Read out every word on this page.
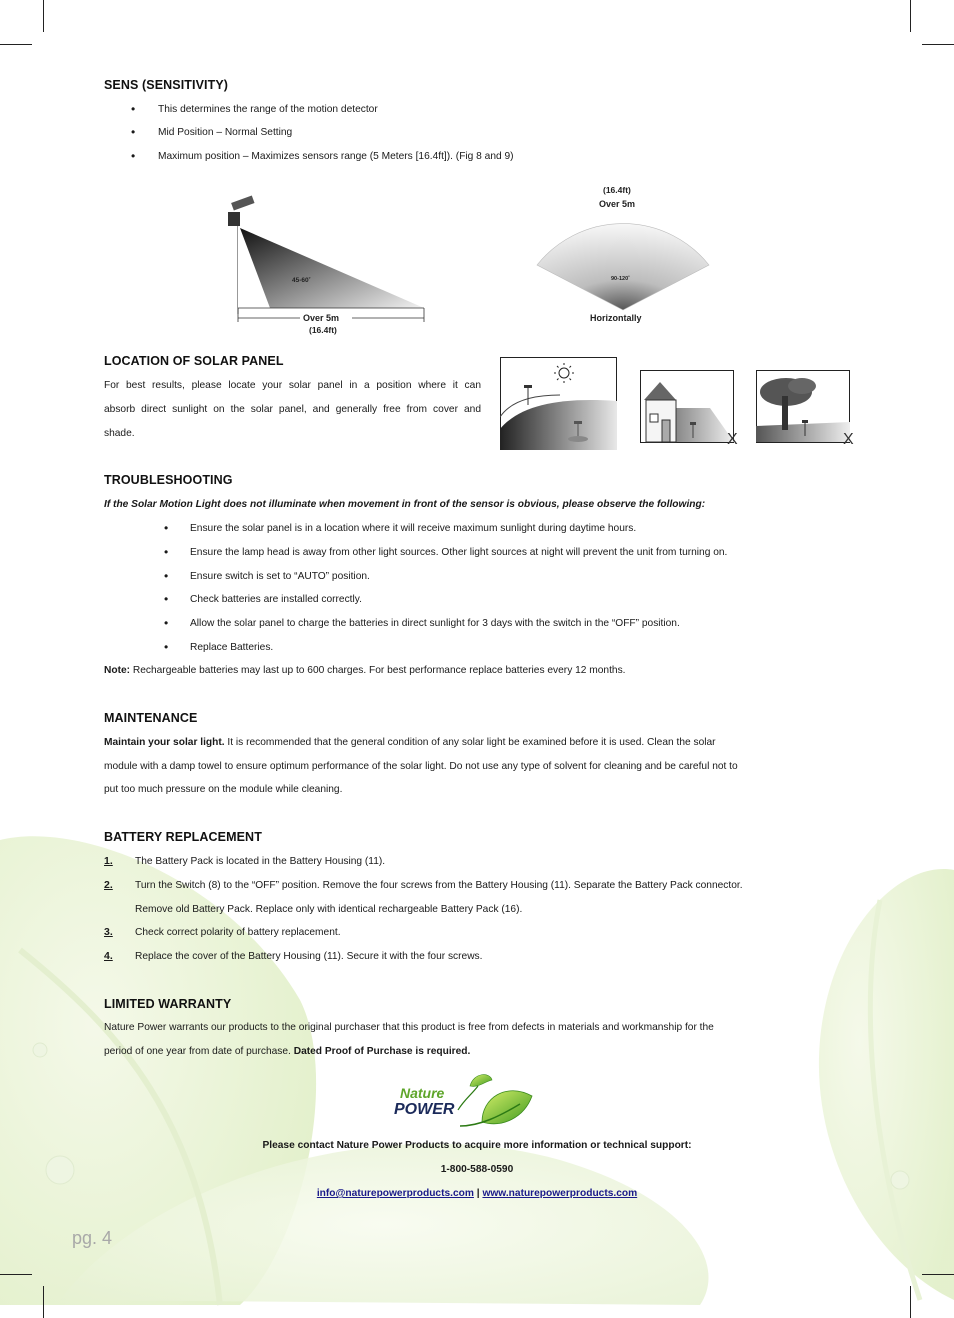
SENS (SENSITIVITY)
• This determines the range of the motion detector
• Mid Position – Normal Setting
• Maximum position – Maximizes sensors range (5 Meters [16.4ft]). (Fig 8 and 9)
45-60˚
Over 5m
(16.4ft)
(16.4ft)
Over 5m
90-120˚
Horizontally
LOCATION OF SOLAR PANEL
For best results, please locate your solar panel in a position where it can
absorb direct sunlight on the solar panel, and generally free from cover and
shade.	X	X
TROUBLESHOOTING
If the Solar Motion Light does not illuminate when movement in front of the sensor is obvious, please observe the following:
• Ensure the solar panel is in a location where it will receive maximum sunlight during daytime hours.
• Ensure the lamp head is away from other light sources. Other light sources at night will prevent the unit from turning on.
• Ensure switch is set to “AUTO” position.
• Check batteries are installed correctly.
• Allow the solar panel to charge the batteries in direct sunlight for 3 days with the switch in the “OFF” position.
• Replace Batteries.
Note: Rechargeable batteries may last up to 600 charges. For best performance replace batteries every 12 months.
MAINTENANCE
Maintain your solar light. It is recommended that the general condition of any solar light be examined before it is used. Clean the solar
module with a damp towel to ensure optimum performance of the solar light. Do not use any type of solvent for cleaning and be careful not to
put too much pressure on the module while cleaning.
BATTERY REPLACEMENT
1. The Battery Pack is located in the Battery Housing (11).
2. Turn the Switch (8) to the “OFF” position. Remove the four screws from the Battery Housing (11). Separate the Battery Pack connector.
Remove old Battery Pack. Replace only with identical rechargeable Battery Pack (16).
3. Check correct polarity of battery replacement.
4. Replace the cover of the Battery Housing (11). Secure it with the four screws.
LIMITED WARRANTY
Nature Power warrants our products to the original purchaser that this product is free from defects in materials and workmanship for the
period of one year from date of purchase. Dated Proof of Purchase is required.
Nature
POWER
Please contact Nature Power Products to acquire more information or technical support:
1-800-588-0590
info@naturepowerproducts.com | www.naturepowerproducts.com
pg. 4
